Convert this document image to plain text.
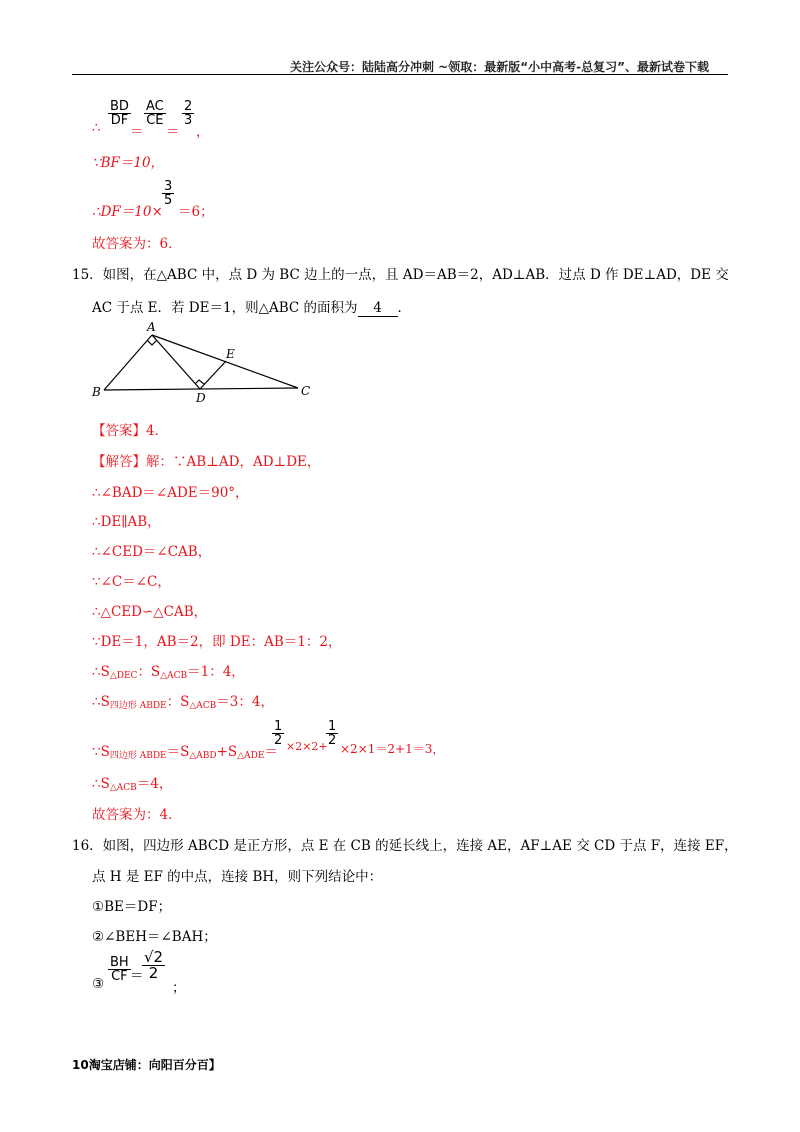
关注公众号：陆陆高分冲刺 ~领取：最新版“小中高考-总复习”、最新试卷下载
∴
$\frac{BD}{DF}$
＝
$\frac{AC}{CE}$
＝
$\frac{2}{3}$
，
∵BF＝10，
∴DF＝10×
$\frac{3}{5}$
＝6；
故答案为：6．
15．如图，在△ABC 中，点 D 为 BC 边上的一点，且 AD＝AB＝2，AD⊥AB．过点 D 作 DE⊥AD，DE 交
AC 于点 E．若 DE＝1，则△ABC 的面积为 4 ．
A
B	C
D
E
【答案】4．
【解答】解：∵AB⊥AD，AD⊥DE，
∴∠BAD＝∠ADE＝90°，
∴DE∥AB，
∴∠CED＝∠CAB，
∵∠C＝∠C，
∴△CED∽△CAB，
∵DE＝1，AB＝2，即 DE：AB＝1：2，
$\therefore S_{\triangle DEC}$：$S_{\triangle ACB}=1$：4，
$\therefore S_{四边形 ABDE}$：$S_{\triangle ACB}=3$：4，
$\because S_{四边形 ABDE}=S_{\triangle ABD}+S_{\triangle ADE}=$
$\frac{1}{2} \times 2\times 2+$
$\frac{1}{2}$
×2×1＝2+1＝3，
$\therefore S_{\triangle ACB}=4$，
故答案为：4．
16．如图，四边形 ABCD 是正方形，点 E 在 CB 的延长线上，连接 AE，AF⊥AE 交 CD 于点 F，连接 EF，
点 H 是 EF 的中点，连接 BH，则下列结论中：
①BE＝DF；
②∠BEH＝∠BAH；
③
$\frac{BH}{CF}$ ＝
$\frac{√2}{2}$
；
10淘宝店铺：向阳百分百】
